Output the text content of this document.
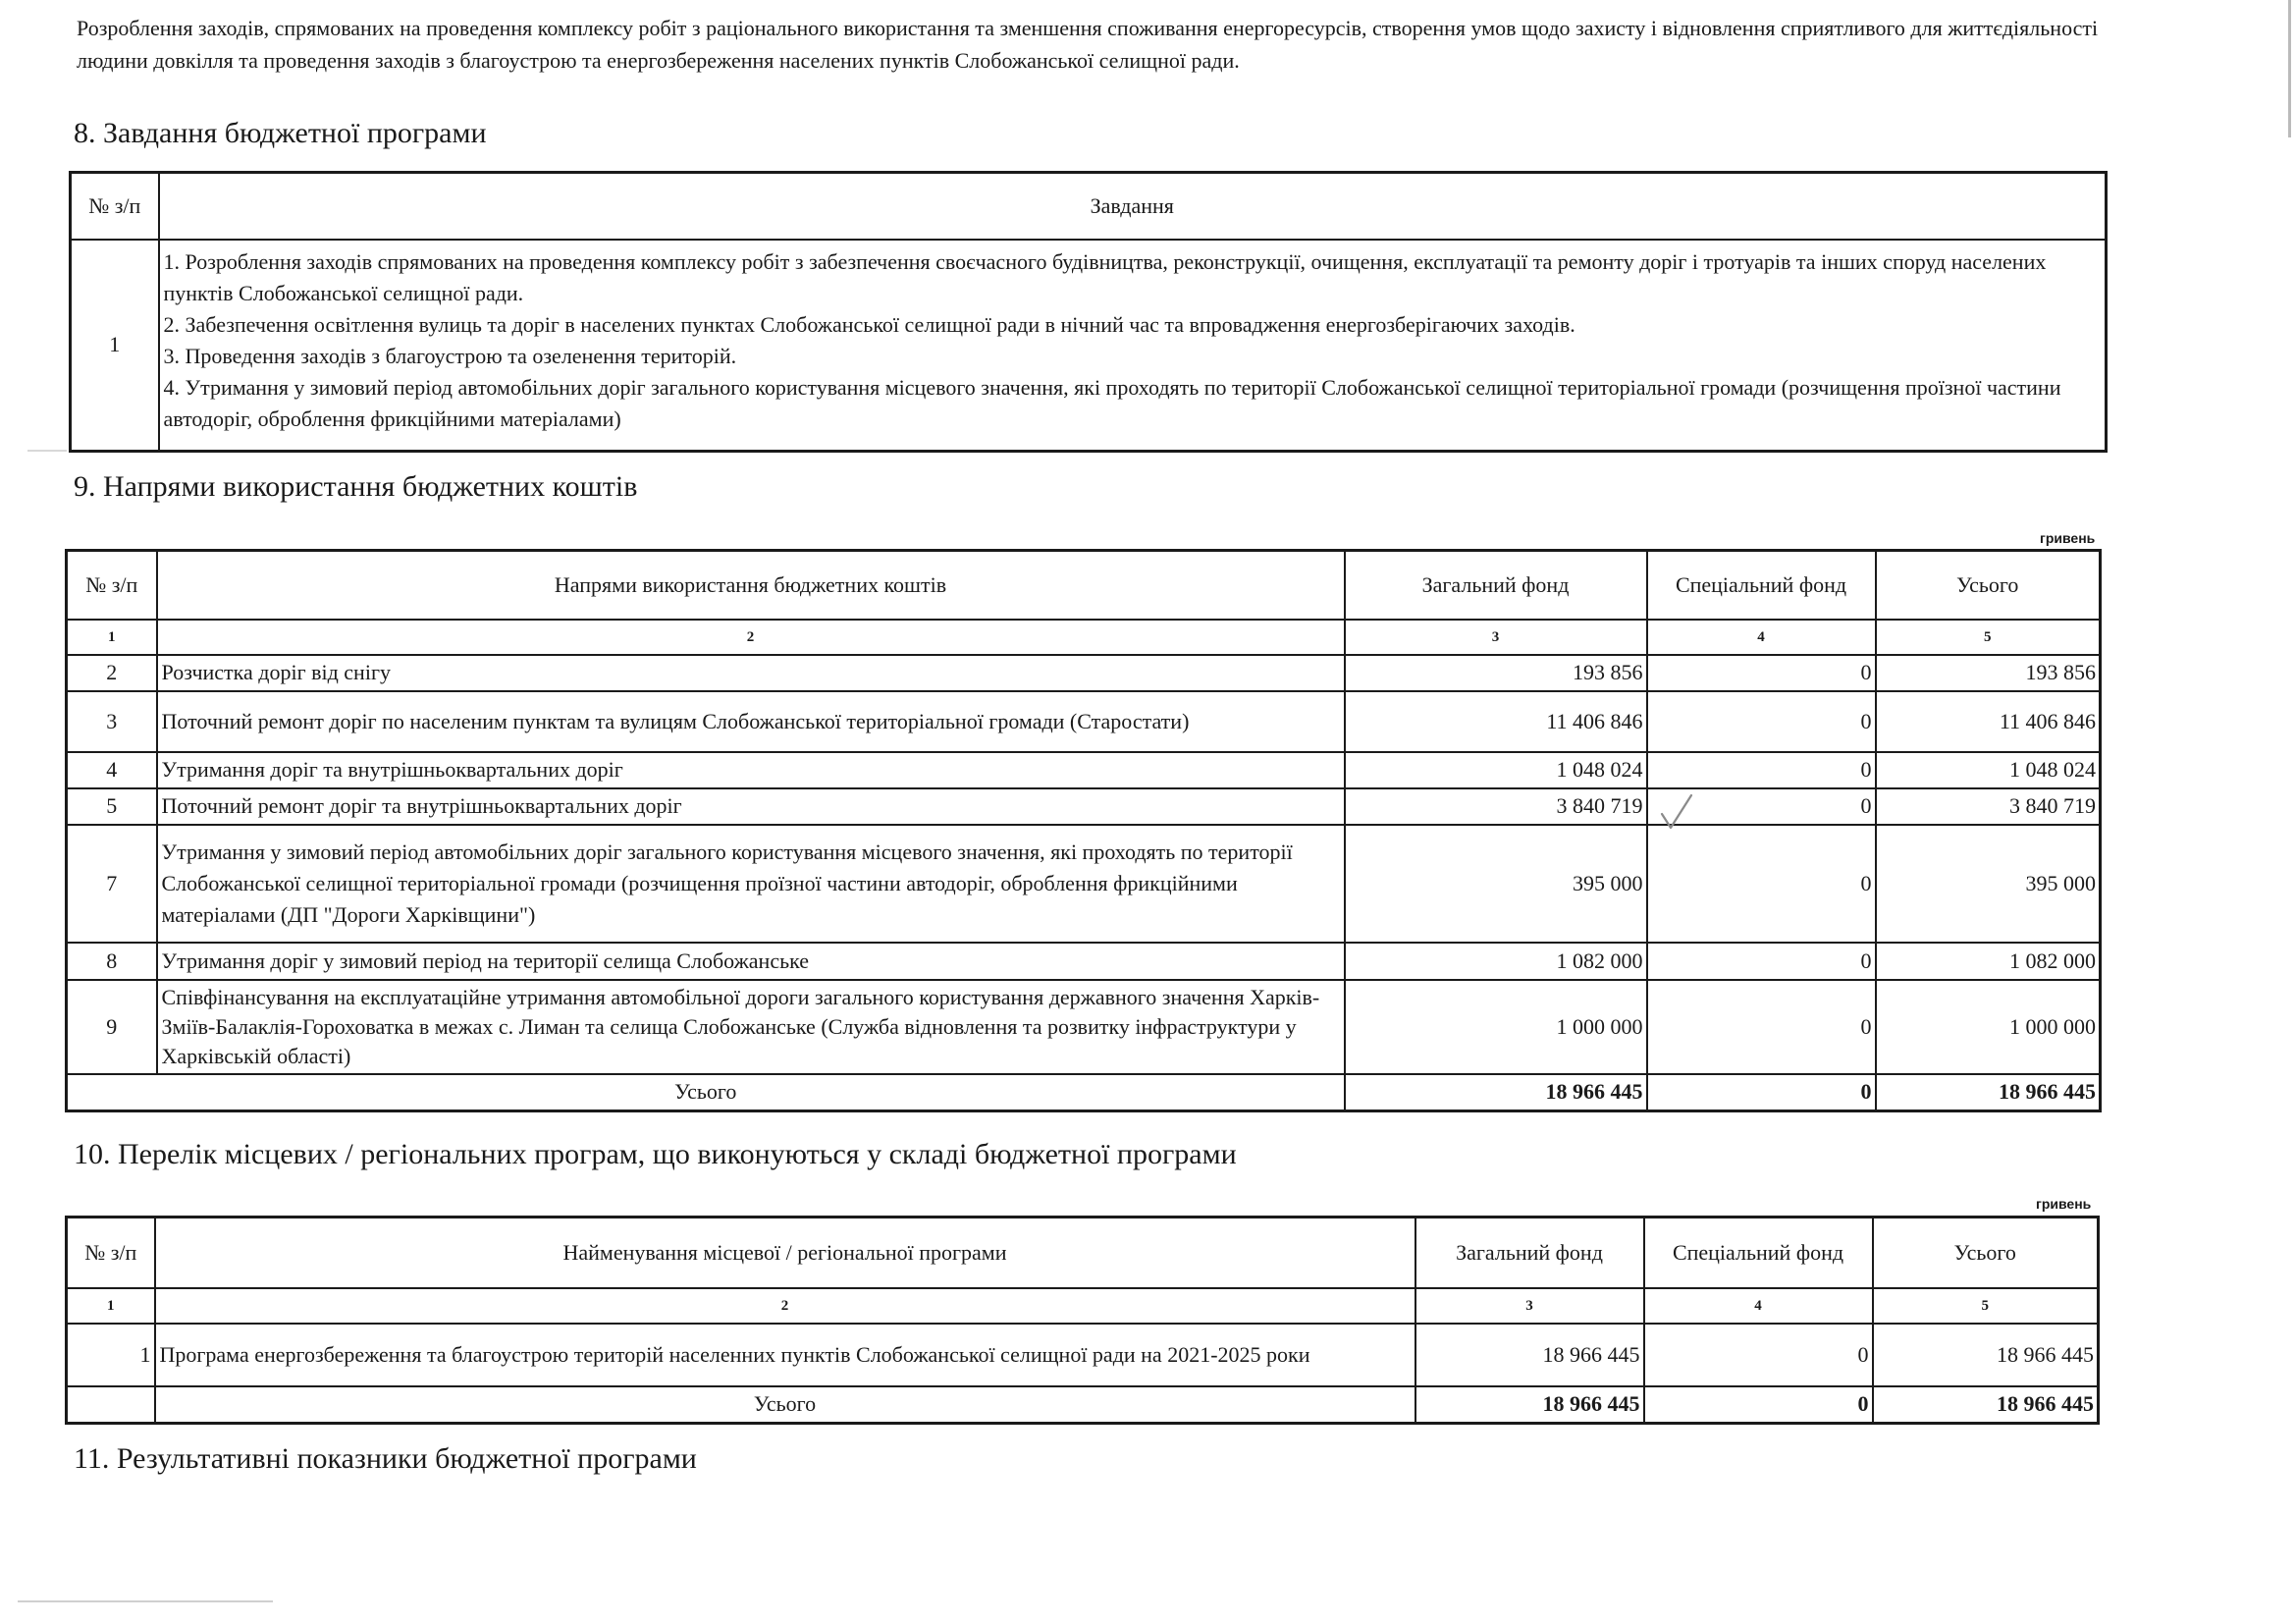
Розроблення заходів, спрямованих на проведення комплексу робіт з раціонального використання та зменшення споживання енергоресурсів, створення умов щодо захисту і відновлення сприятливого для життєдіяльності людини довкілля та проведення заходів з благоустрою та енергозбереження населених пунктів Слобожанської селищної ради.
8. Завдання бюджетної програми
№ з/п	Завдання
1	1. Розроблення заходів спрямованих на проведення комплексу робіт з забезпечення своєчасного будівництва, реконструкції, очищення, експлуатації та ремонту доріг і тротуарів та інших споруд населених пунктів Слобожанської селищної ради.
2. Забезпечення освітлення вулиць та доріг в населених пунктах Слобожанської селищної ради в нічний час та впровадження енергозберігаючих заходів.
3. Проведення заходів з благоустрою та озеленення територій.
4. Утримання у зимовий період автомобільних доріг загального користування місцевого значення, які проходять по території Слобожанської селищної територіальної громади (розчищення проїзної частини автодоріг, оброблення фрикційними матеріалами)
9. Напрями використання бюджетних коштів
гривень
№ з/п	Напрями використання бюджетних коштів	Загальний фонд	Спеціальний фонд	Усього
1	2	3	4	5
2	Розчистка доріг від снігу	193 856	0	193 856
3	Поточний ремонт доріг по населеним пунктам та вулицям Слобожанської територіальної громади (Старостати)	11 406 846	0	11 406 846
4	Утримання доріг та внутрішньоквартальних доріг	1 048 024	0	1 048 024
5	Поточний ремонт доріг та внутрішньоквартальних доріг	3 840 719	0	3 840 719
7	Утримання у зимовий період автомобільних доріг загального користування місцевого значення, які проходять по території Слобожанської селищної територіальної громади (розчищення проїзної частини автодоріг, оброблення фрикційними матеріалами (ДП "Дороги Харківщини")	395 000	0	395 000
8	Утримання доріг у зимовий період на території селища Слобожанське	1 082 000	0	1 082 000
9	Співфінансування на експлуатаційне утримання автомобільної дороги загального користування державного значення Харків-Зміїв-Балаклія-Гороховатка в межах с. Лиман та селища Слобожанське (Служба відновлення та розвитку інфраструктури у Харківській області)	1 000 000	0	1 000 000
Усього		18 966 445	0	18 966 445
10. Перелік місцевих / регіональних програм, що виконуються у складі бюджетної програми
гривень
№ з/п	Найменування місцевої / регіональної програми	Загальний фонд	Спеціальний фонд	Усього
1	2	3	4	5
1	Програма енергозбереження та благоустрою територій населенних пунктів Слобожанської селищної ради на 2021-2025 роки	18 966 445	0	18 966 445
	Усього	18 966 445	0	18 966 445
11. Результативні показники бюджетної програми
